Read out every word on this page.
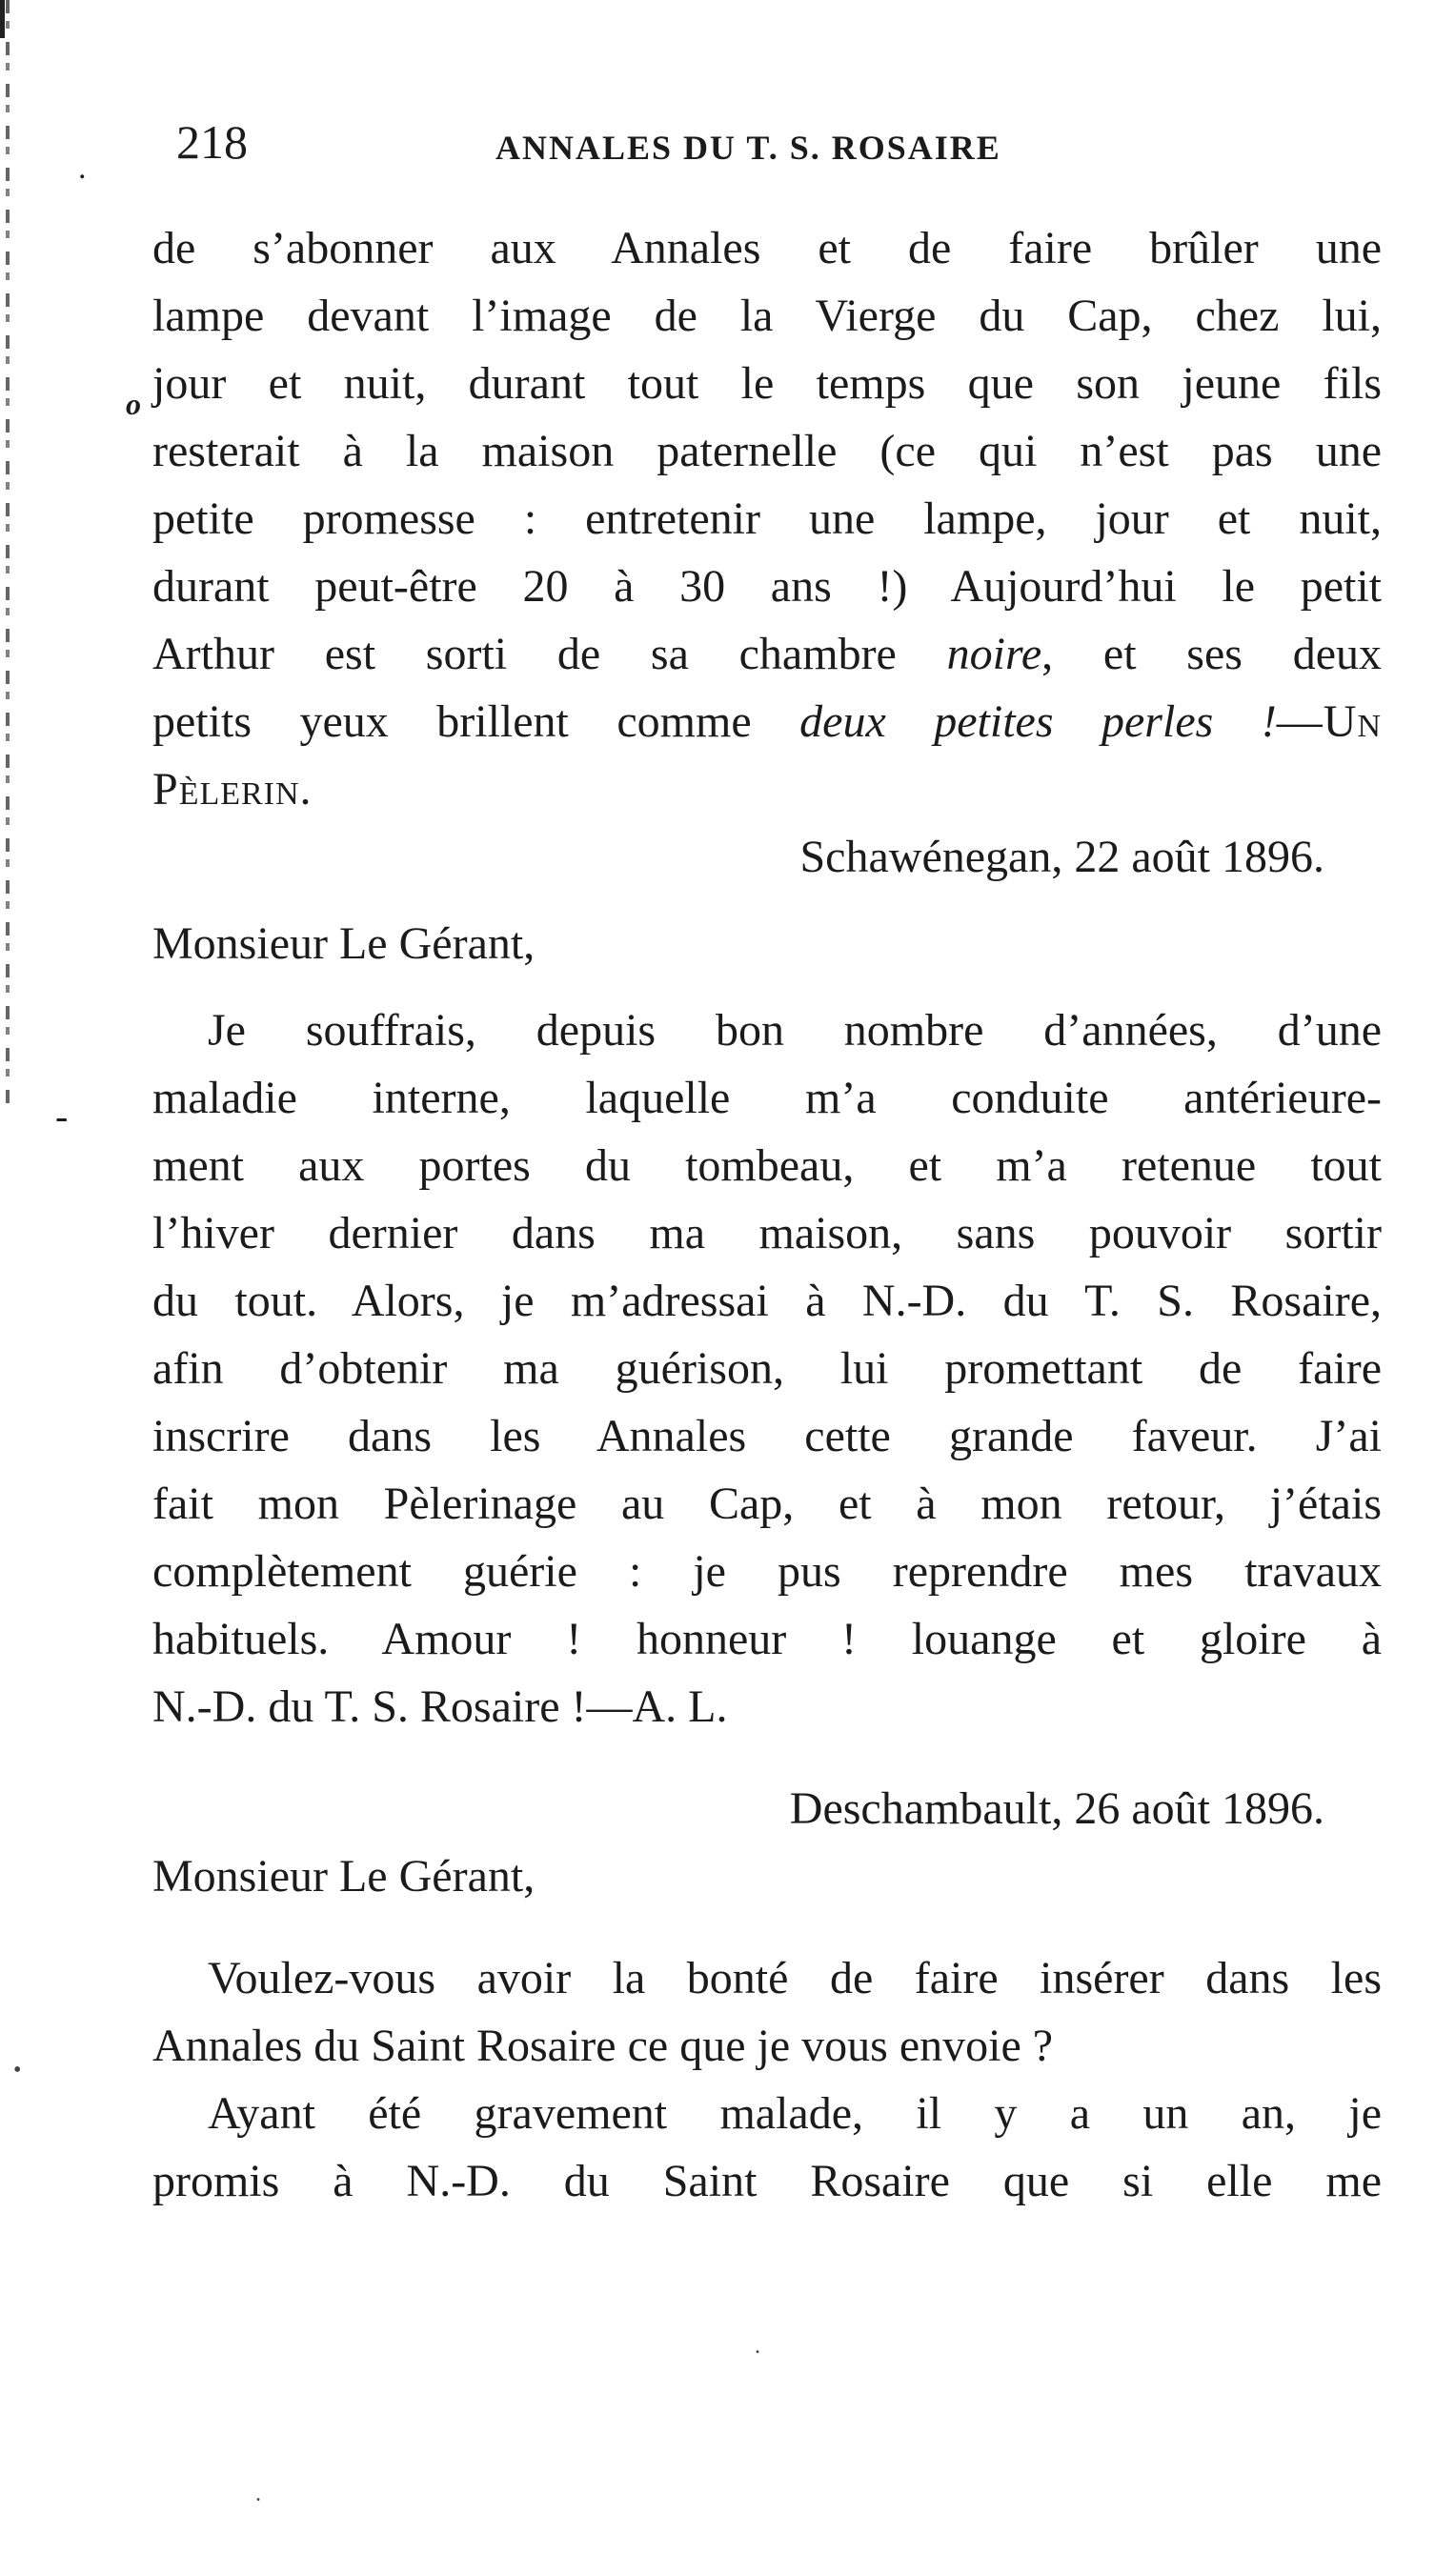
218	ANNALES DU T. S. ROSAIRE
.
o
-
•
.
.
de s’abonner aux Annales et de faire brûler une
lampe devant l’image de la Vierge du Cap, chez lui,
jour et nuit, durant tout le temps que son jeune fils
resterait à la maison paternelle (ce qui n’est pas une
petite promesse : entretenir une lampe, jour et nuit,
durant peut-être 20 à 30 ans !) Aujourd’hui le petit
Arthur est sorti de sa chambre noire, et ses deux
petits yeux brillent comme deux petites perles !—Un
Pèlerin.
Schawénegan, 22 août 1896.
Monsieur Le Gérant,
Je souffrais, depuis bon nombre d’années, d’une
maladie interne, laquelle m’a conduite antérieure-
ment aux portes du tombeau, et m’a retenue tout
l’hiver dernier dans ma maison, sans pouvoir sortir
du tout. Alors, je m’adressai à N.-D. du T. S. Rosaire,
afin d’obtenir ma guérison, lui promettant de faire
inscrire dans les Annales cette grande faveur. J’ai
fait mon Pèlerinage au Cap, et à mon retour, j’étais
complètement guérie : je pus reprendre mes travaux
habituels. Amour ! honneur ! louange et gloire à
N.-D. du T. S. Rosaire !—A. L.
Deschambault, 26 août 1896.
Monsieur Le Gérant,
Voulez-vous avoir la bonté de faire insérer dans les
Annales du Saint Rosaire ce que je vous envoie ?
Ayant été gravement malade, il y a un an, je
promis à N.-D. du Saint Rosaire que si elle me
